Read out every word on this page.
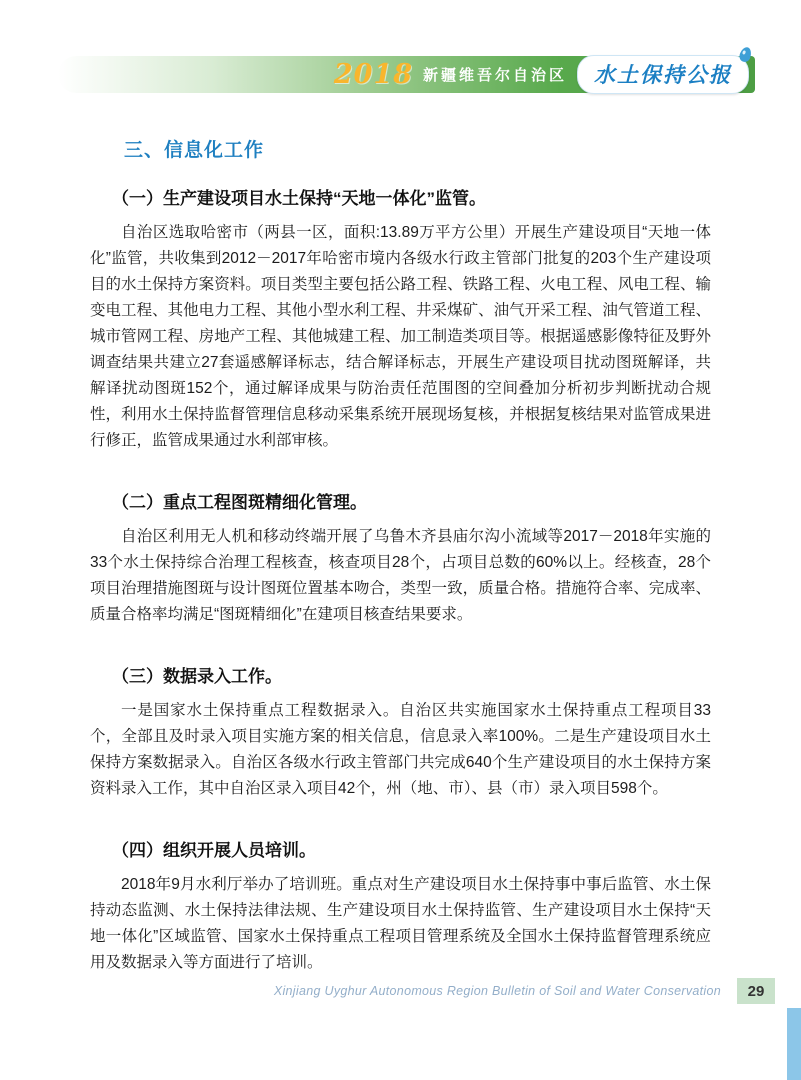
2018 新疆维吾尔自治区 水土保持公报
三、信息化工作
（一）生产建设项目水土保持“天地一体化”监管。

自治区选取哈密市（两县一区，面积:13.89万平方公里）开展生产建设项目“天地一体化”监管，共收集到2012－2017年哈密市境内各级水行政主管部门批复的203个生产建设项目的水土保持方案资料。项目类型主要包括公路工程、铁路工程、火电工程、风电工程、输变电工程、其他电力工程、其他小型水利工程、井采煤矿、油气开采工程、油气管道工程、城市管网工程、房地产工程、其他城建工程、加工制造类项目等。根据遥感影像特征及野外调查结果共建立27套遥感解译标志，结合解译标志，开展生产建设项目扰动图斑解译，共解译扰动图斑152个，通过解译成果与防治责任范围图的空间叠加分析初步判断扰动合规性，利用水土保持监督管理信息移动采集系统开展现场复核，并根据复核结果对监管成果进行修正，监管成果通过水利部审核。

（二）重点工程图斑精细化管理。

自治区利用无人机和移动终端开展了乌鲁木齐县庙尔沟小流域等2017－2018年实施的33个水土保持综合治理工程核查，核查项目28个，占项目总数的60%以上。经核查，28个项目治理措施图斑与设计图斑位置基本吻合，类型一致，质量合格。措施符合率、完成率、质量合格率均满足“图斑精细化”在建项目核查结果要求。

（三）数据录入工作。

一是国家水土保持重点工程数据录入。自治区共实施国家水土保持重点工程项目33个，全部且及时录入项目实施方案的相关信息，信息录入率100%。二是生产建设项目水土保持方案数据录入。自治区各级水行政主管部门共完成640个生产建设项目的水土保持方案资料录入工作，其中自治区录入项目42个，州（地、市）、县（市）录入项目598个。

（四）组织开展人员培训。

2018年9月水利厅举办了培训班。重点对生产建设项目水土保持事中事后监管、水土保持动态监测、水土保持法律法规、生产建设项目水土保持监管、生产建设项目水土保持“天地一体化”区域监管、国家水土保持重点工程项目管理系统及全国水土保持监督管理系统应用及数据录入等方面进行了培训。

Xinjiang Uyghur Autonomous Region Bulletin of Soil and Water Conservation 29
